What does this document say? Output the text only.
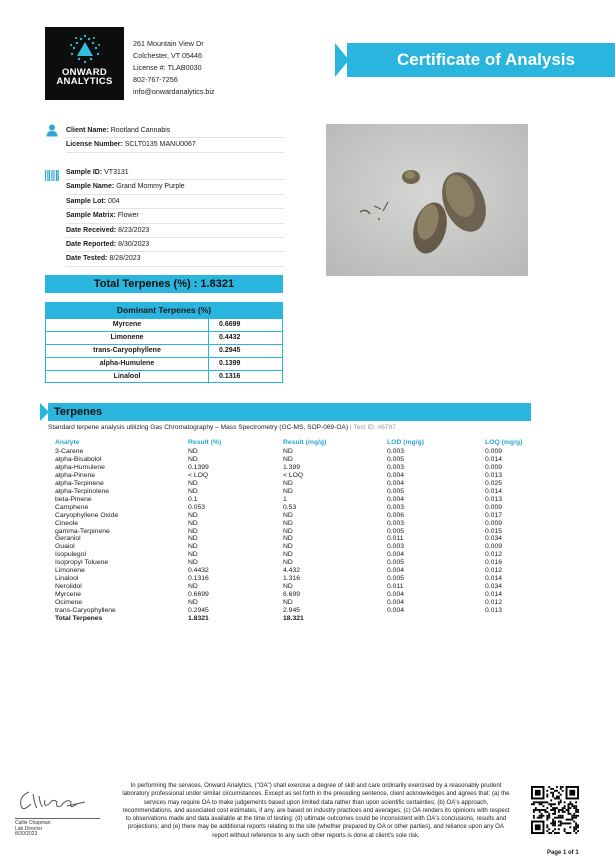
ONWARD
ANALYTICS
261 Mountain View Dr
Colchester, VT 05446
License #: TLAB0030
802-767-7256
info@onwardanalytics.biz
Certificate of Analysis
Client Name: Rootland Cannabis
License Number: SCLT0135 MANU0067
Sample ID: VT3131
Sample Name: Grand Mommy Purple
Sample Lot: 004
Sample Matrix: Flower
Date Received: 8/23/2023
Date Reported: 8/30/2023
Date Tested: 8/28/2023
Total Terpenes (%) : 1.8321
Dominant Terpenes (%)
Myrcene	0.6699
Limonene	0.4432
trans-Caryophyllene	0.2945
alpha-Humulene	0.1399
Linalool	0.1316
Terpenes
Standard terpene analysis utilizing Gas Chromatography – Mass Spectrometry (GC-MS, SOP-069-OA) | Test ID: #6787
Analyte	Result (%)	Result (mg/g)	LOD (mg/g)	LOQ (mg/g)
3-Carene	ND	ND	0.003	0.009
alpha-Bisabolol	ND	ND	0.005	0.014
alpha-Humulene	0.1399	1.399	0.003	0.009
alpha-Pinene	< LOQ	< LOQ	0.004	0.013
alpha-Terpinene	ND	ND	0.004	0.025
alpha-Terpinolene	ND	ND	0.005	0.014
beta-Pinene	0.1	1	0.004	0.013
Camphene	0.053	0.53	0.003	0.009
Caryophyllene Oxide	ND	ND	0.006	0.017
Cineole	ND	ND	0.003	0.009
gamma-Terpinene	ND	ND	0.005	0.015
Geraniol	ND	ND	0.011	0.034
Guaiol	ND	ND	0.003	0.009
Isopulegol	ND	ND	0.004	0.012
Isopropyl Toluene	ND	ND	0.005	0.016
Limonene	0.4432	4.432	0.004	0.012
Linalool	0.1316	1.316	0.005	0.014
Nerolidol	ND	ND	0.011	0.034
Myrcene	0.6699	6.699	0.004	0.014
Ocimene	ND	ND	0.004	0.012
trans-Caryophyllene	0.2945	2.945	0.004	0.013
Total Terpenes	1.8321	18.321		
Callie Chapman
Lab Director
8/30/2023
In performing the services, Onward Analytics, ("OA") shall exercise a degree of skill and care ordinarily exercised by a reasonably prudent laboratory professional under similar circumstances. Except as set forth in the preceding sentence, client acknowledges and agrees that: (a) the services may require OA to make judgements based upon limited data rather than upon scientific certainties; (b) OA's approach, recommendations, and associated cost estimates, if any, are based on industry practices and averages; (c) OA renders its opinions with respect to observations made and data available at the time of testing; (d) ultimate outcomes could be inconsistent with OA's conclusions, results and projections; and (e) there may be additional reports relating to the site (whether prepared by OA or other parties), and reliance upon any OA report without reference to any such other reports is done at client's sole risk.
Page 1 of 1
